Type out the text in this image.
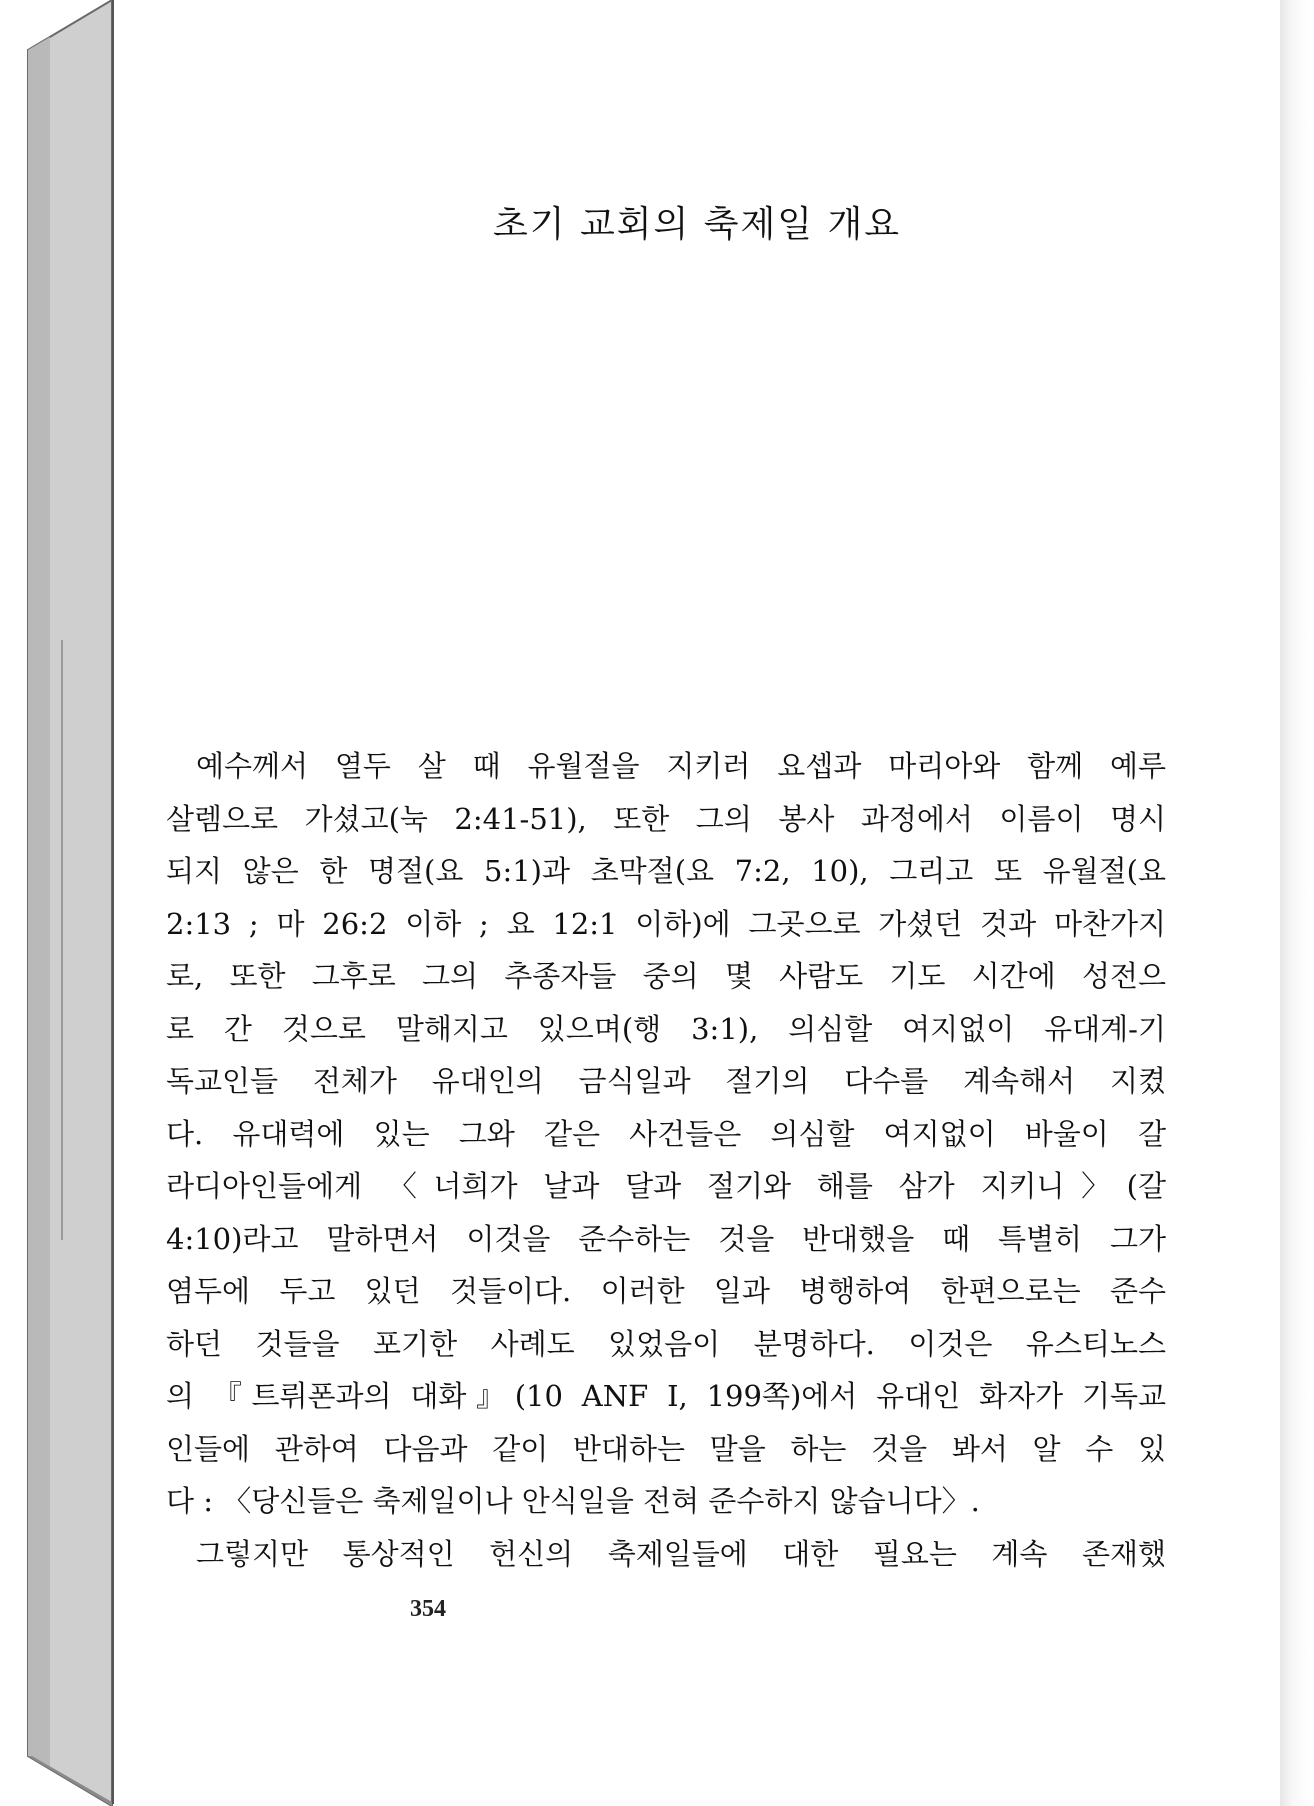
초기 교회의 축제일 개요

예수께서 열두 살 때 유월절을 지키러 요셉과 마리아와 함께 예루
살렘으로 가셨고(눅 2:41-51), 또한 그의 봉사 과정에서 이름이 명시
되지 않은 한 명절(요 5:1)과 초막절(요 7:2, 10), 그리고 또 유월절(요
2:13 ; 마 26:2 이하 ; 요 12:1 이하)에 그곳으로 가셨던 것과 마찬가지
로, 또한 그후로 그의 추종자들 중의 몇 사람도 기도 시간에 성전으
로 간 것으로 말해지고 있으며(행 3:1), 의심할 여지없이 유대계-기
독교인들 전체가 유대인의 금식일과 절기의 다수를 계속해서 지켰
다. 유대력에 있는 그와 같은 사건들은 의심할 여지없이 바울이 갈
라디아인들에게 〈너희가 날과 달과 절기와 해를 삼가 지키니〉(갈
4:10)라고 말하면서 이것을 준수하는 것을 반대했을 때 특별히 그가
염두에 두고 있던 것들이다. 이러한 일과 병행하여 한편으로는 준수
하던 것들을 포기한 사례도 있었음이 분명하다. 이것은 유스티노스
의 『트뤼폰과의 대화』(10 ANF I, 199쪽)에서 유대인 화자가 기독교
인들에 관하여 다음과 같이 반대하는 말을 하는 것을 봐서 알 수 있
다 : 〈당신들은 축제일이나 안식일을 전혀 준수하지 않습니다〉.

그렇지만 통상적인 헌신의 축제일들에 대한 필요는 계속 존재했

354
